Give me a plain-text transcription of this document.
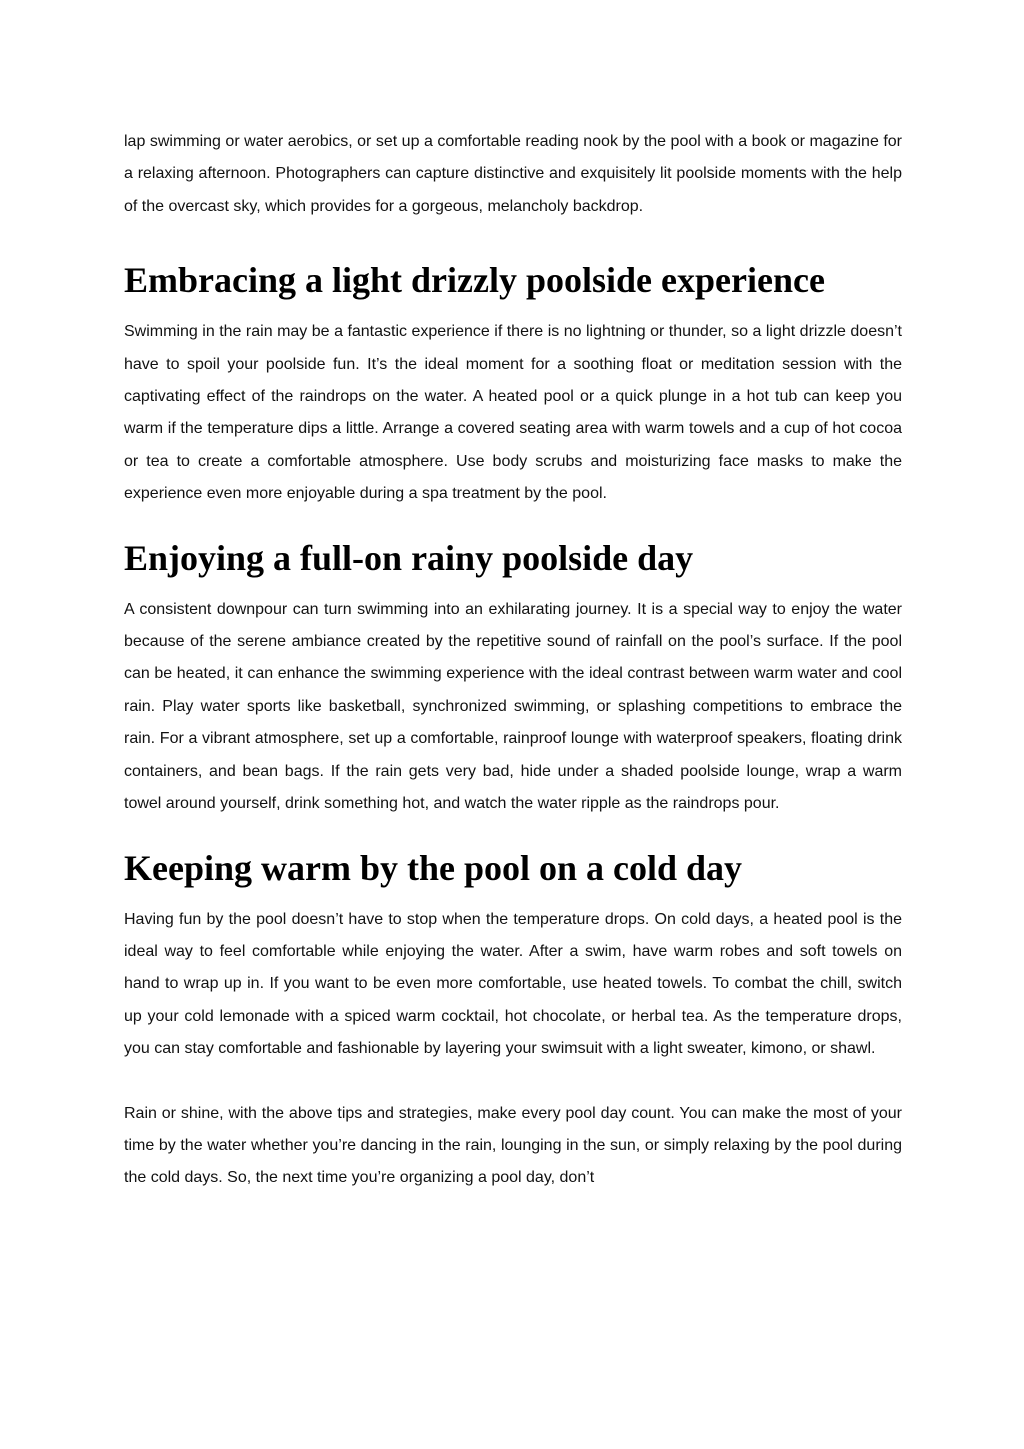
lap swimming or water aerobics, or set up a comfortable reading nook by the pool with a book or magazine for a relaxing afternoon. Photographers can capture distinctive and exquisitely lit poolside moments with the help of the overcast sky, which provides for a gorgeous, melancholy backdrop.

Embracing a light drizzly poolside experience

Swimming in the rain may be a fantastic experience if there is no lightning or thunder, so a light drizzle doesn’t have to spoil your poolside fun. It’s the ideal moment for a soothing float or meditation session with the captivating effect of the raindrops on the water. A heated pool or a quick plunge in a hot tub can keep you warm if the temperature dips a little. Arrange a covered seating area with warm towels and a cup of hot cocoa or tea to create a comfortable atmosphere. Use body scrubs and moisturizing face masks to make the experience even more enjoyable during a spa treatment by the pool.

Enjoying a full-on rainy poolside day

A consistent downpour can turn swimming into an exhilarating journey. It is a special way to enjoy the water because of the serene ambiance created by the repetitive sound of rainfall on the pool’s surface. If the pool can be heated, it can enhance the swimming experience with the ideal contrast between warm water and cool rain. Play water sports like basketball, synchronized swimming, or splashing competitions to embrace the rain. For a vibrant atmosphere, set up a comfortable, rainproof lounge with waterproof speakers, floating drink containers, and bean bags. If the rain gets very bad, hide under a shaded poolside lounge, wrap a warm towel around yourself, drink something hot, and watch the water ripple as the raindrops pour.

Keeping warm by the pool on a cold day

Having fun by the pool doesn’t have to stop when the temperature drops. On cold days, a heated pool is the ideal way to feel comfortable while enjoying the water. After a swim, have warm robes and soft towels on hand to wrap up in. If you want to be even more comfortable, use heated towels. To combat the chill, switch up your cold lemonade with a spiced warm cocktail, hot chocolate, or herbal tea. As the temperature drops, you can stay comfortable and fashionable by layering your swimsuit with a light sweater, kimono, or shawl.

Rain or shine, with the above tips and strategies, make every pool day count. You can make the most of your time by the water whether you’re dancing in the rain, lounging in the sun, or simply relaxing by the pool during the cold days. So, the next time you’re organizing a pool day, don’t
